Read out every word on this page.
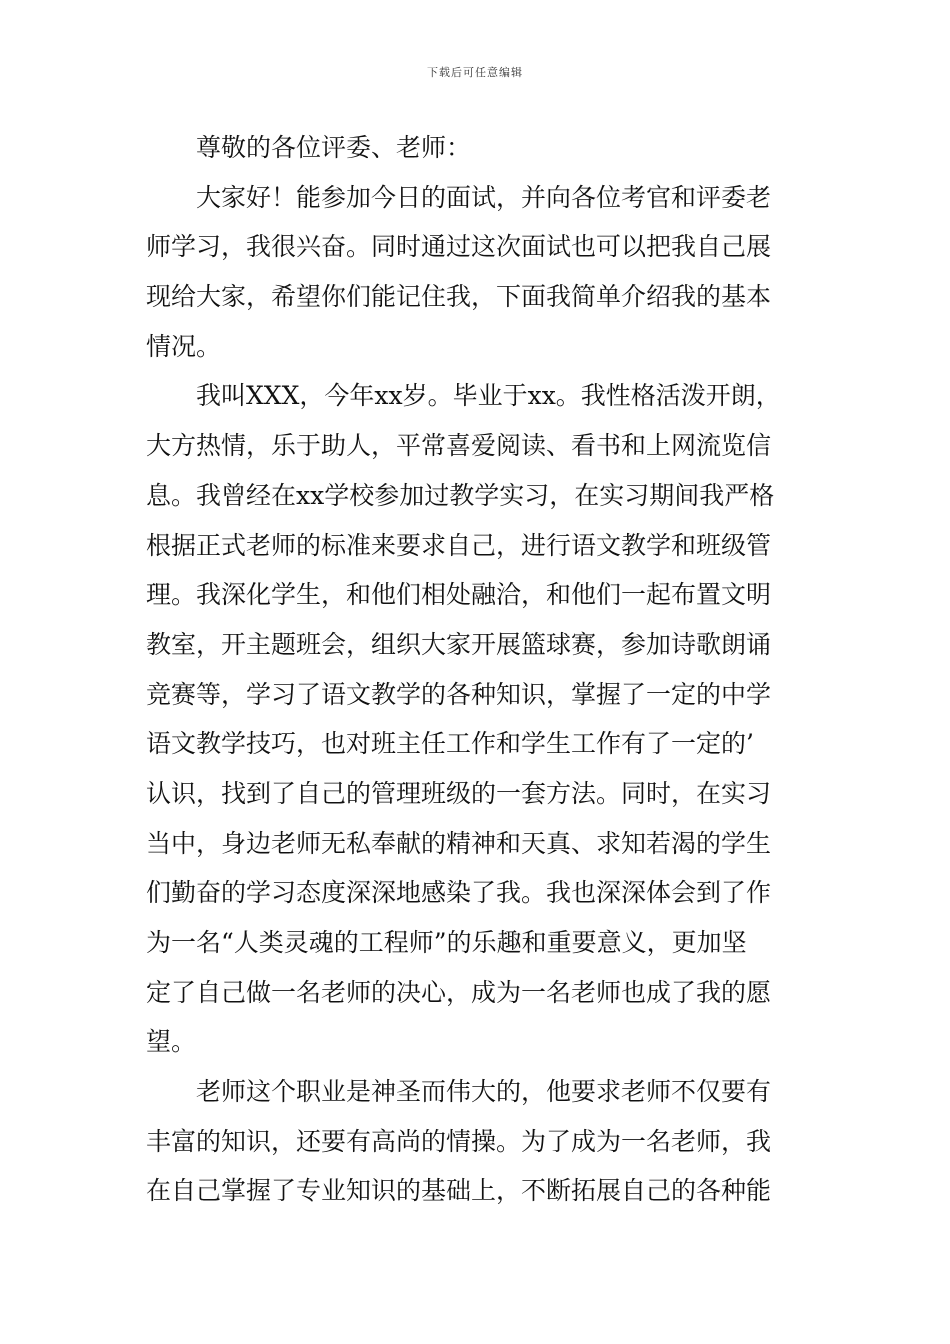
下载后可任意编辑
尊敬的各位评委、老师：
大家好！能参加今日的面试，并向各位考官和评委老
师学习，我很兴奋。同时通过这次面试也可以把我自己展
现给大家，希望你们能记住我，下面我简单介绍我的基本
情况。
我叫XXX，今年xx岁。毕业于xx。我性格活泼开朗，
大方热情，乐于助人，平常喜爱阅读、看书和上网流览信
息。我曾经在xx学校参加过教学实习，在实习期间我严格
根据正式老师的标准来要求自己，进行语文教学和班级管
理。我深化学生，和他们相处融洽，和他们一起布置文明
教室，开主题班会，组织大家开展篮球赛，参加诗歌朗诵
竞赛等，学习了语文教学的各种知识，掌握了一定的中学
语文教学技巧，也对班主任工作和学生工作有了一定的’
认识，找到了自己的管理班级的一套方法。同时，在实习
当中，身边老师无私奉献的精神和天真、求知若渴的学生
们勤奋的学习态度深深地感染了我。我也深深体会到了作
为一名“人类灵魂的工程师”的乐趣和重要意义，更加坚
定了自己做一名老师的决心，成为一名老师也成了我的愿
望。
老师这个职业是神圣而伟大的，他要求老师不仅要有
丰富的知识，还要有高尚的情操。为了成为一名老师，我
在自己掌握了专业知识的基础上，不断拓展自己的各种能
